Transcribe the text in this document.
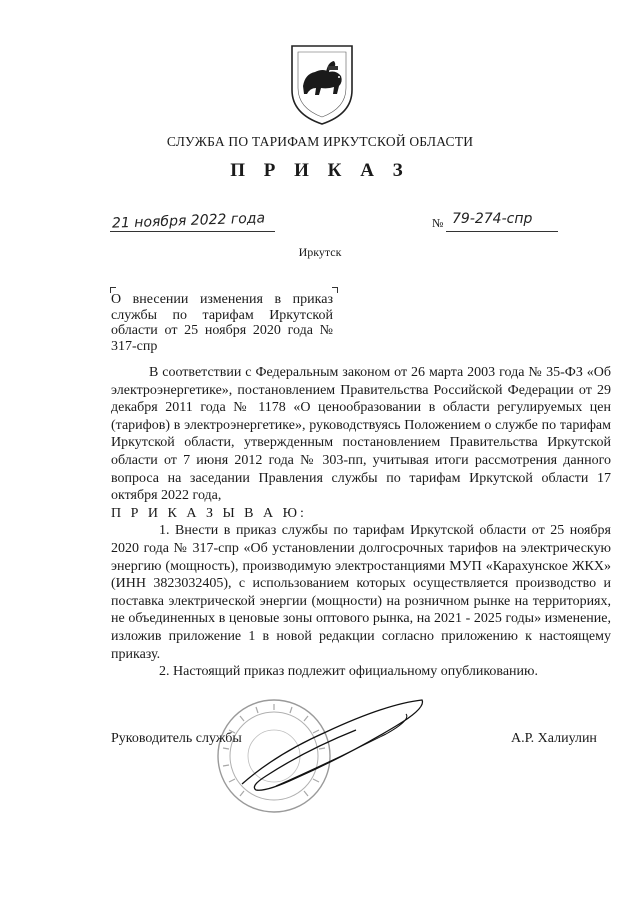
СЛУЖБА ПО ТАРИФАМ ИРКУТСКОЙ ОБЛАСТИ
П Р И К А З
21 ноября 2022 года	№ 79-274-спр
Иркутск
О внесении изменения в приказ службы по тарифам Иркутской области от 25 ноября 2020 года № 317-спр

В соответствии с Федеральным законом от 26 марта 2003 года № 35-ФЗ «Об электроэнергетике», постановлением Правительства Российской Федерации от 29 декабря 2011 года № 1178 «О ценообразовании в области регулируемых цен (тарифов) в электроэнергетике», руководствуясь Положением о службе по тарифам Иркутской области, утвержденным постановлением Правительства Иркутской области от 7 июня 2012 года № 303-пп, учитывая итоги рассмотрения данного вопроса на заседании Правления службы по тарифам Иркутской области 17 октября 2022 года,

П Р И К А З Ы В А Ю:

1. Внести в приказ службы по тарифам Иркутской области от 25 ноября 2020 года № 317-спр «Об установлении долгосрочных тарифов на электрическую энергию (мощность), производимую электростанциями МУП «Карахунское ЖКХ» (ИНН 3823032405), с использованием которых осуществляется производство и поставка электрической энергии (мощности) на розничном рынке на территориях, не объединенных в ценовые зоны оптового рынка, на 2021 - 2025 годы» изменение, изложив приложение 1 в новой редакции согласно приложению к настоящему приказу.

2. Настоящий приказ подлежит официальному опубликованию.

Руководитель службы	А.Р. Халиулин
